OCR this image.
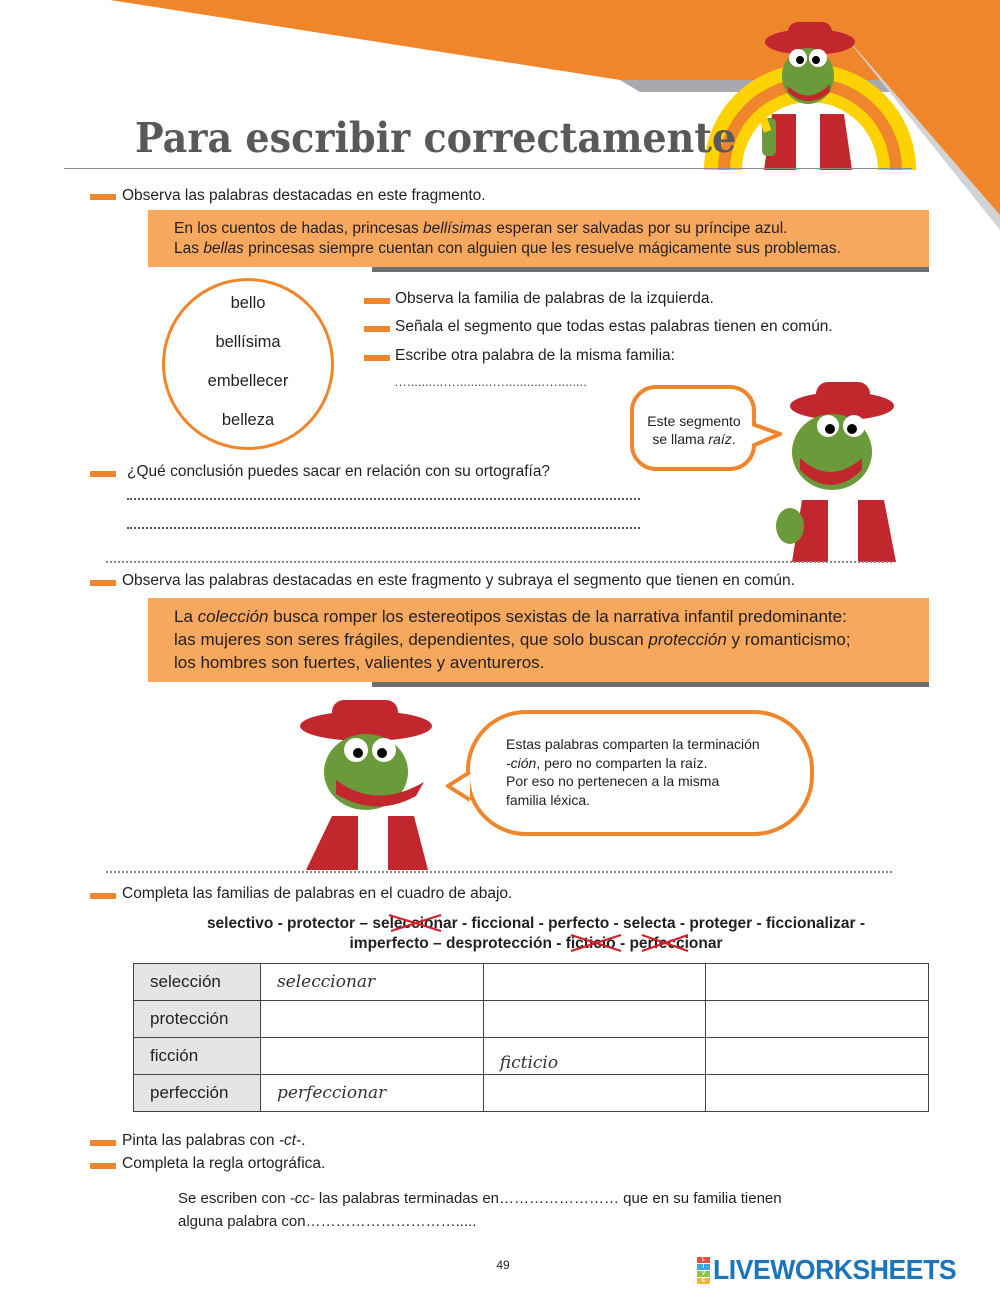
Para escribir correctamente
Observa las palabras destacadas en este fragmento.
En los cuentos de hadas, princesas bellísimas esperan ser salvadas por su príncipe azul.
Las bellas princesas siempre cuentan con alguien que les resuelve mágicamente sus problemas.
bello
bellísima
embellecer
belleza
Observa la familia de palabras de la izquierda.
Señala el segmento que todas estas palabras tienen en común.
Escribe otra palabra de la misma familia:
…..........…..........…...........…........
Este segmento
se llama raíz.
¿Qué conclusión puedes sacar en relación con su ortografía?
Observa las palabras destacadas en este fragmento y subraya el segmento que tienen en común.
La colección busca romper los estereotipos sexistas de la narrativa infantil predominante:
las mujeres son seres frágiles, dependientes, que solo buscan protección y romanticismo;
los hombres son fuertes, valientes y aventureros.
Estas palabras comparten la terminación
-ción, pero no comparten la raíz.
Por eso no pertenecen a la misma
familia léxica.
Completa las familias de palabras en el cuadro de abajo.
selectivo - protector – seleccionar
- ficcional - perfecto - selecta - proteger - ficcionalizar -
imperfecto – desprotección - ficticio
- perfeccionar
selección	seleccionar		
protección			
ficción		ficticio	
perfección	perfeccionar		
Pinta las palabras con -ct-.
Completa la regla ortográfica.
Se escriben con -cc- las palabras terminadas en…………………… que en su familia tienen
alguna palabra con………………………….....
49	L
I
V
E LIVEWORKSHEETS
